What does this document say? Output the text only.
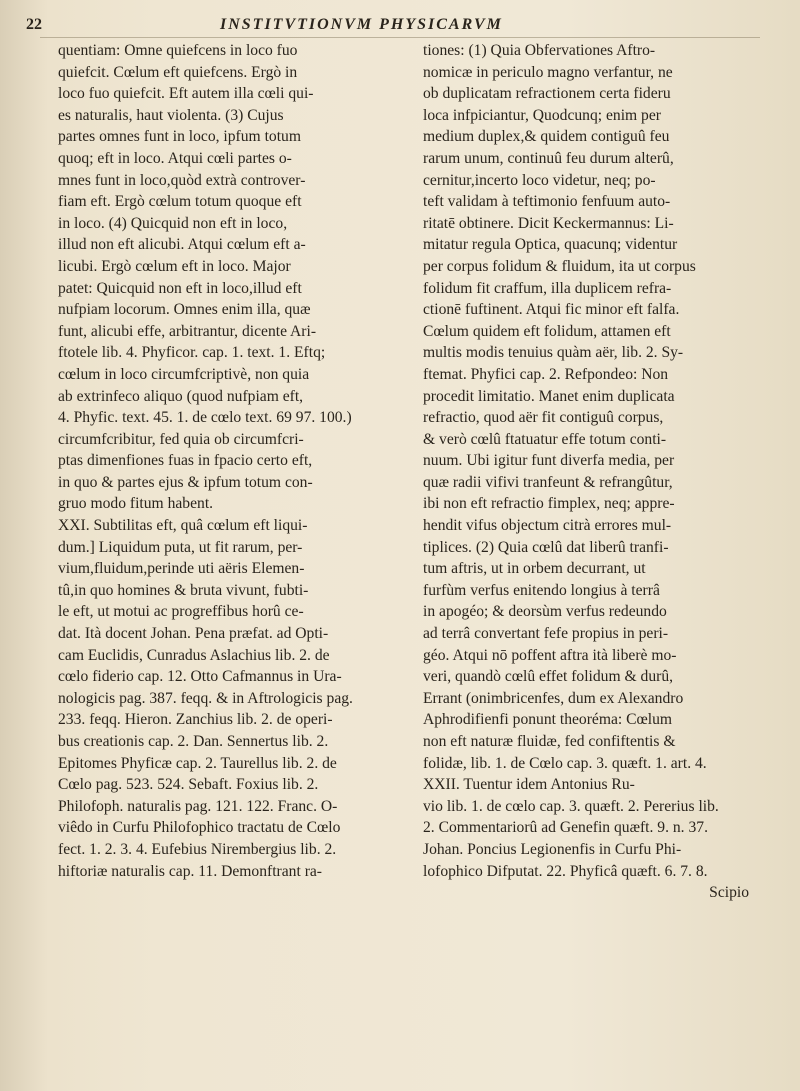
22	INSTITVTIONVM PHYSICARVM
quentiam: Omne quiefcens in loco fuo
quiefcit. Cœlum eft quiefcens. Ergò in
loco fuo quiefcit. Eft autem illa cœli qui-
es naturalis, haut violenta. (3) Cujus
partes omnes funt in loco, ipfum totum
quoq; eft in loco. Atqui cœli partes o-
mnes funt in loco,quòd extrà controver-
fiam eft. Ergò cœlum totum quoque eft
in loco. (4) Quicquid non eft in loco,
illud non eft alicubi. Atqui cœlum eft a-
licubi. Ergò cœlum eft in loco. Major
patet: Quicquid non eft in loco,illud eft
nufpiam locorum. Omnes enim illa, quæ
funt, alicubi effe, arbitrantur, dicente Ari-
ftotele lib. 4. Phyficor. cap. 1. text. 1. Eftq;
cœlum in loco circumfcriptivè, non quia
ab extrinfeco aliquo (quod nufpiam eft,
4. Phyfic. text. 45. 1. de cœlo text. 69 97. 100.)
circumfcribitur, fed quia ob circumfcri-
ptas dimenfiones fuas in fpacio certo eft,
in quo & partes ejus & ipfum totum con-
gruo modo fitum habent.
XXI. Subtilitas eft, quâ cœlum eft liqui-
dum.] Liquidum puta, ut fit rarum, per-
vium,fluidum,perinde uti aëris Elemen-
tû,in quo homines & bruta vivunt, fubti-
le eft, ut motui ac progreffibus horû ce-
dat. Ità docent Johan. Pena præfat. ad Opti-
cam Euclidis, Cunradus Aslachius lib. 2. de
cœlo fiderio cap. 12. Otto Cafmannus in Ura-
nologicis pag. 387. feqq. & in Aftrologicis pag.
233. feqq. Hieron. Zanchius lib. 2. de operi-
bus creationis cap. 2. Dan. Sennertus lib. 2.
Epitomes Phyficæ cap. 2. Taurellus lib. 2. de
Cœlo pag. 523. 524. Sebaft. Foxius lib. 2.
Philofoph. naturalis pag. 121. 122. Franc. O-
viêdo in Curfu Philofophico tractatu de Cœlo
fect. 1. 2. 3. 4. Eufebius Nirembergius lib. 2.
hiftoriæ naturalis cap. 11. Demonftrant ra-
tiones: (1) Quia Obfervationes Aftro-
nomicæ in periculo magno verfantur, ne
ob duplicatam refractionem certa fideru
loca infpiciantur, Quodcunq; enim per
medium duplex,& quidem contiguû feu
rarum unum, continuû feu durum alterû,
cernitur,incerto loco videtur, neq; po-
teft validam à teftimonio fenfuum auto-
ritatē obtinere. Dicit Keckermannus: Li-
mitatur regula Optica, quacunq; videntur
per corpus folidum & fluidum, ita ut corpus
folidum fit craffum, illa duplicem refra-
ctionē fuftinent. Atqui fic minor eft falfa.
Cœlum quidem eft folidum, attamen eft
multis modis tenuius quàm aër, lib. 2. Sy-
ftemat. Phyfici cap. 2. Refpondeo: Non
procedit limitatio. Manet enim duplicata
refractio, quod aër fit contiguû corpus,
& verò cœlû ftatuatur effe totum conti-
nuum. Ubi igitur funt diverfa media, per
quæ radii vifivi tranfeunt & refrangûtur,
ibi non eft refractio fimplex, neq; appre-
hendit vifus objectum citrà errores mul-
tiplices. (2) Quia cœlû dat liberû tranfi-
tum aftris, ut in orbem decurrant, ut
furfùm verfus enitendo longius à terrâ
in apogéo; & deorsùm verfus redeundo
ad terrâ convertant fefe propius in peri-
géo. Atqui nō poffent aftra ità liberè mo-
veri, quandò cœlû effet folidum & durû,
Errant (onimbricenfes, dum ex Alexandro
Aphrodifienfi ponunt theoréma: Cœlum
non eft naturæ fluidæ, fed confiftentis &
folidæ, lib. 1. de Cœlo cap. 3. quæft. 1. art. 4.
XXII. Tuentur idem Antonius Ru-
vio lib. 1. de cœlo cap. 3. quæft. 2. Pererius lib.
2. Commentariorû ad Genefin quæft. 9. n. 37.
Johan. Poncius Legionenfis in Curfu Phi-
lofophico Difputat. 22. Phyficâ quæft. 6. 7. 8.
Scipio
